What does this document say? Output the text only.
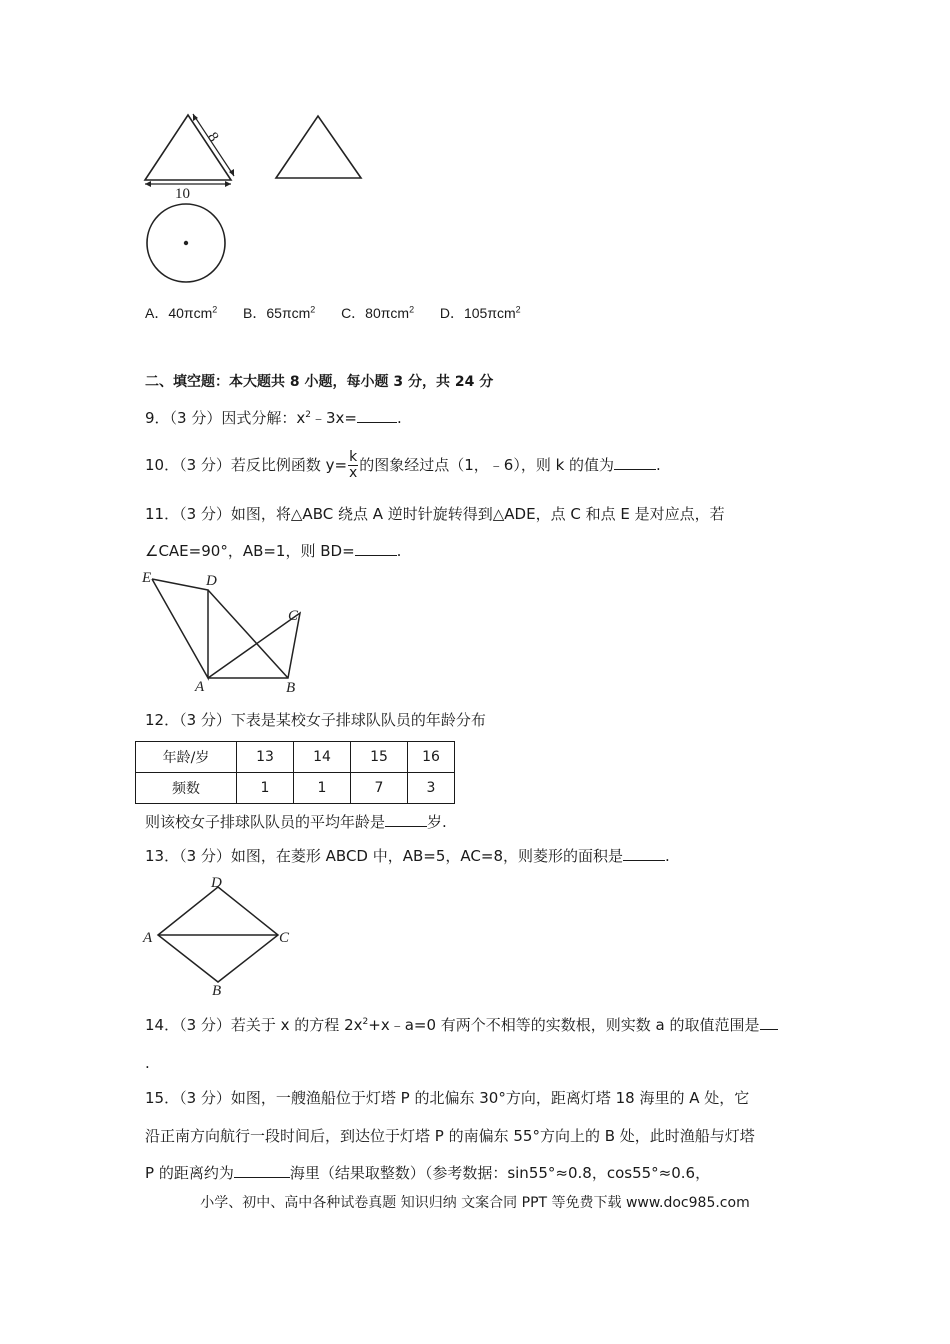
8
10
A．40πcm$^2$ B．65πcm$^2$ C．80πcm$^2$ D．105πcm$^2$
二、填空题：本大题共 8 小题，每小题 3 分，共 24 分
9．（3 分）因式分解：$x^2﹣3x=$	.
10．（3 分）若反比例函数 $y= \frac{k}{x}$ 的图象经过点（1，﹣6），则 k 的值为	.
11．（3 分）如图，将△ABC 绕点 A 逆时针旋转得到△ADE，点 C 和点 E 是对应点，若
∠CAE=90°，AB=1，则 BD=	.
E	D
C
A	B
12．（3 分）下表是某校女子排球队队员的年龄分布
年龄/岁	13	14	15	16
频数	1	1	7	3
则该校女子排球队队员的平均年龄是	岁.
13．（3 分）如图，在菱形 ABCD 中，AB=5，AC=8，则菱形的面积是	.
D
A	C
B
14．（3 分）若关于 x 的方程 $2x^2+x﹣a=0$ 有两个不相等的实数根，则实数 a 的取值范围是
.
15．（3 分）如图，一艘渔船位于灯塔 P 的北偏东 30°方向，距离灯塔 18 海里的 A 处，它
沿正南方向航行一段时间后，到达位于灯塔 P 的南偏东 55°方向上的 B 处，此时渔船与灯塔
P 的距离约为	海里（结果取整数）（参考数据：sin55°≈0.8，cos55°≈0.6，
小学、初中、高中各种试卷真题 知识归纳 文案合同 PPT 等免费下载 www.doc985.com
